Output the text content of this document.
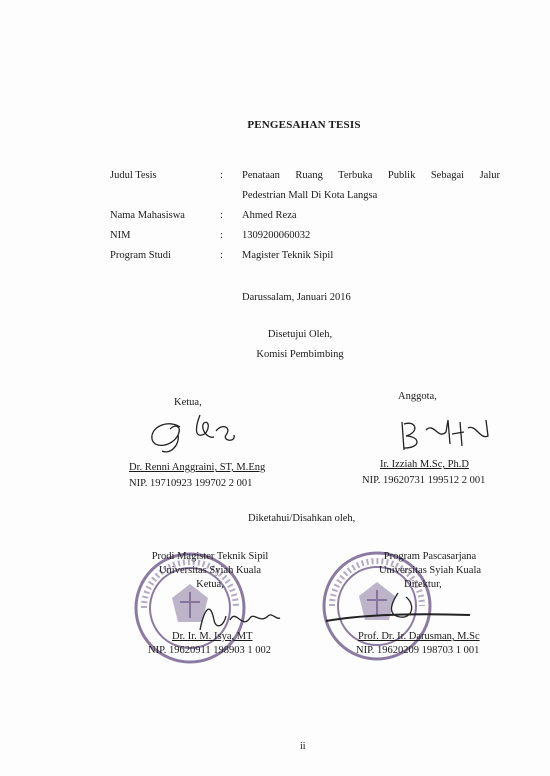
PENGESAHAN TESIS
Judul Tesis	: Penataan Ruang Terbuka Publik Sebagai Jalur
Pedestrian Mall Di Kota Langsa
Nama Mahasiswa	: Ahmed Reza
NIM	: 1309200060032
Program Studi	: Magister Teknik Sipil
Darussalam, Januari 2016
Disetujui Oleh,
Komisi Pembimbing
Ketua,
Dr. Renni Anggraini, ST, M.Eng
NIP. 19710923 199702 2 001
Anggota,
Ir. Izziah M.Sc, Ph.D
NIP. 19620731 199512 2 001
Diketahui/Disahkan oleh,
Prodi Magister Teknik Sipil
Universitas Syiah Kuala
Ketua,
Dr. Ir. M. Isya, MT
NIP. 19620911 198903 1 002
Program Pascasarjana
Universitas Syiah Kuala
Direktur,
Prof. Dr. Ir. Darusman, M.Sc
NIP. 19620209 198703 1 001
ii
